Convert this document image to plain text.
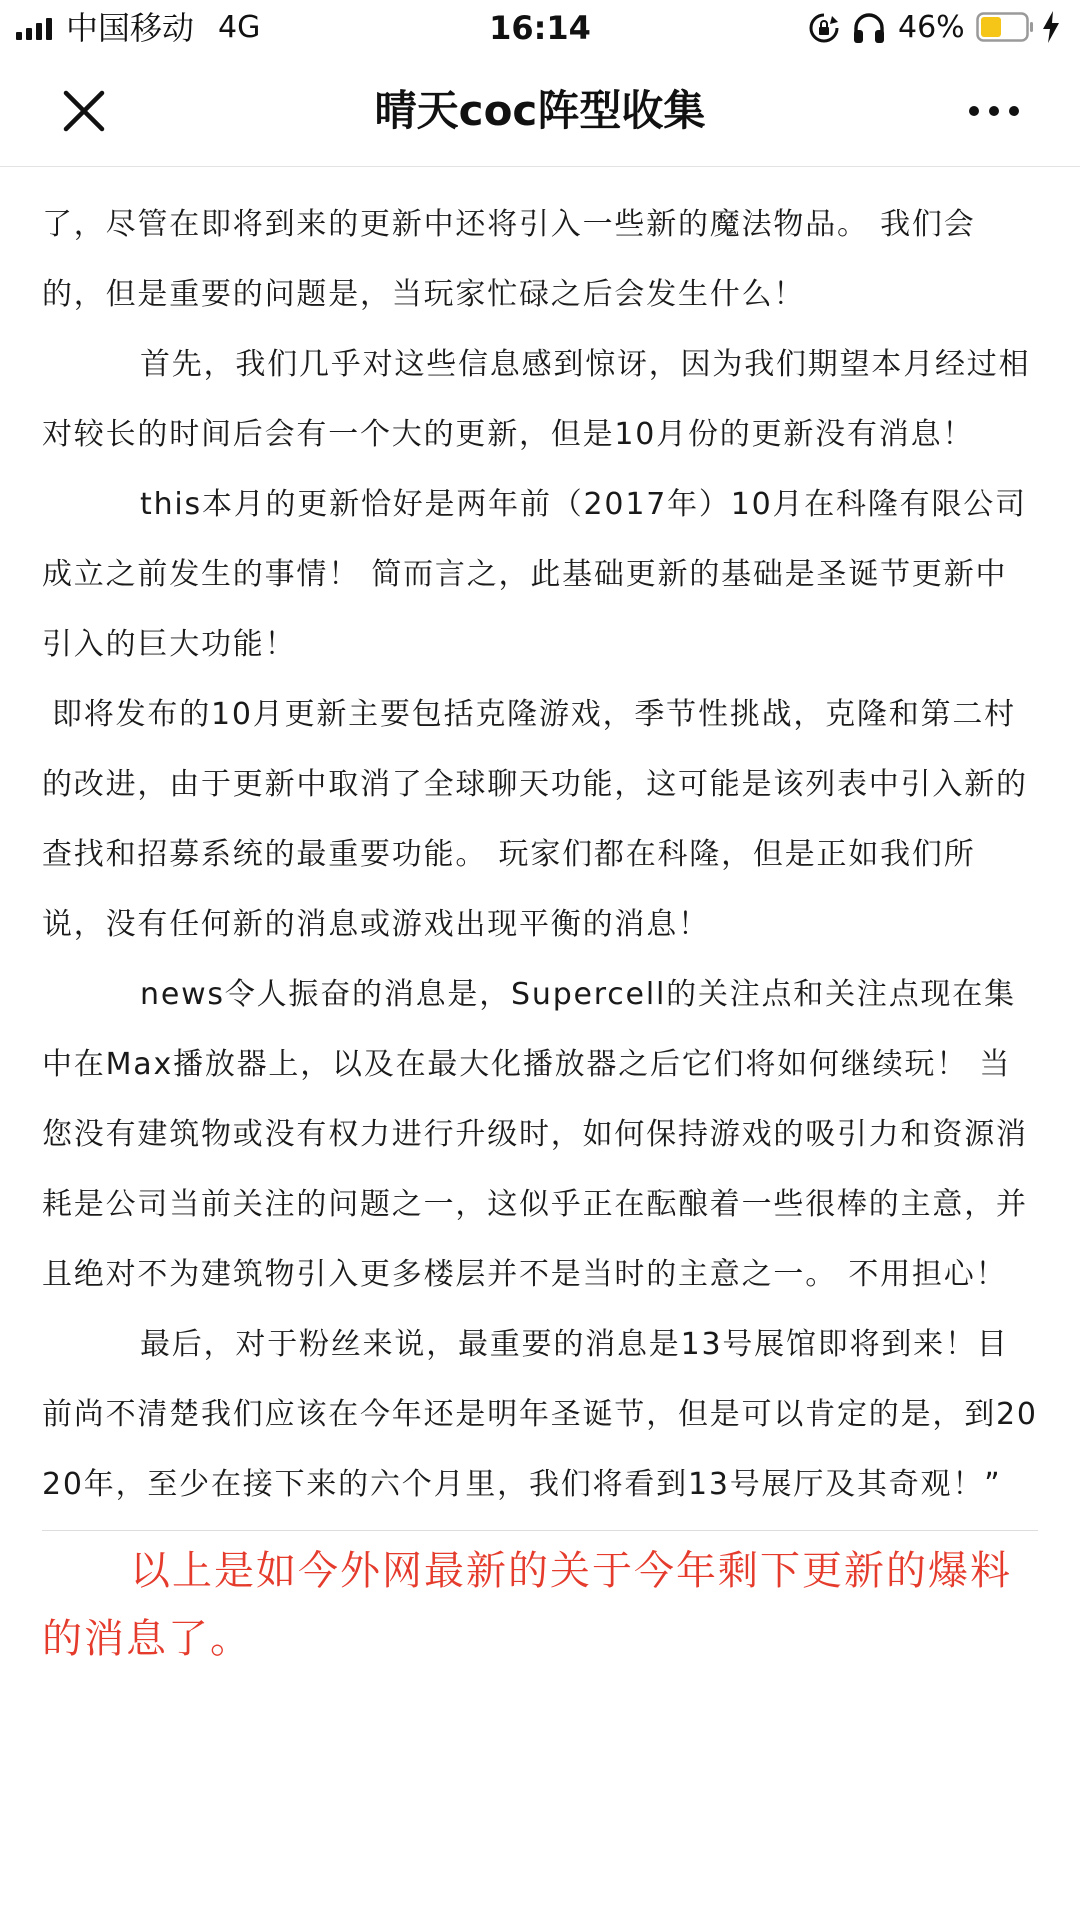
中国移动 4G	16:14	46%
晴天coc阵型收集

了，尽管在即将到来的更新中还将引入一些新的魔法物品。 我们会的，但是重要的问题是，当玩家忙碌之后会发生什么！

首先，我们几乎对这些信息感到惊讶，因为我们期望本月经过相对较长的时间后会有一个大的更新，但是10月份的更新没有消息！

this本月的更新恰好是两年前（2017年）10月在科隆有限公司成立之前发生的事情！ 简而言之，此基础更新的基础是圣诞节更新中引入的巨大功能！

即将发布的10月更新主要包括克隆游戏，季节性挑战，克隆和第二村的改进，由于更新中取消了全球聊天功能，这可能是该列表中引入新的查找和招募系统的最重要功能。 玩家们都在科隆，但是正如我们所说，没有任何新的消息或游戏出现平衡的消息！

news令人振奋的消息是，Supercell的关注点和关注点现在集中在Max播放器上，以及在最大化播放器之后它们将如何继续玩！ 当您没有建筑物或没有权力进行升级时，如何保持游戏的吸引力和资源消耗是公司当前关注的问题之一，这似乎正在酝酿着一些很棒的主意，并且绝对不为建筑物引入更多楼层并不是当时的主意之一。 不用担心！

最后，对于粉丝来说，最重要的消息是13号展馆即将到来！目前尚不清楚我们应该在今年还是明年圣诞节，但是可以肯定的是，到2020年，至少在接下来的六个月里，我们将看到13号展厅及其奇观！”

以上是如今外网最新的关于今年剩下更新的爆料的消息了。
